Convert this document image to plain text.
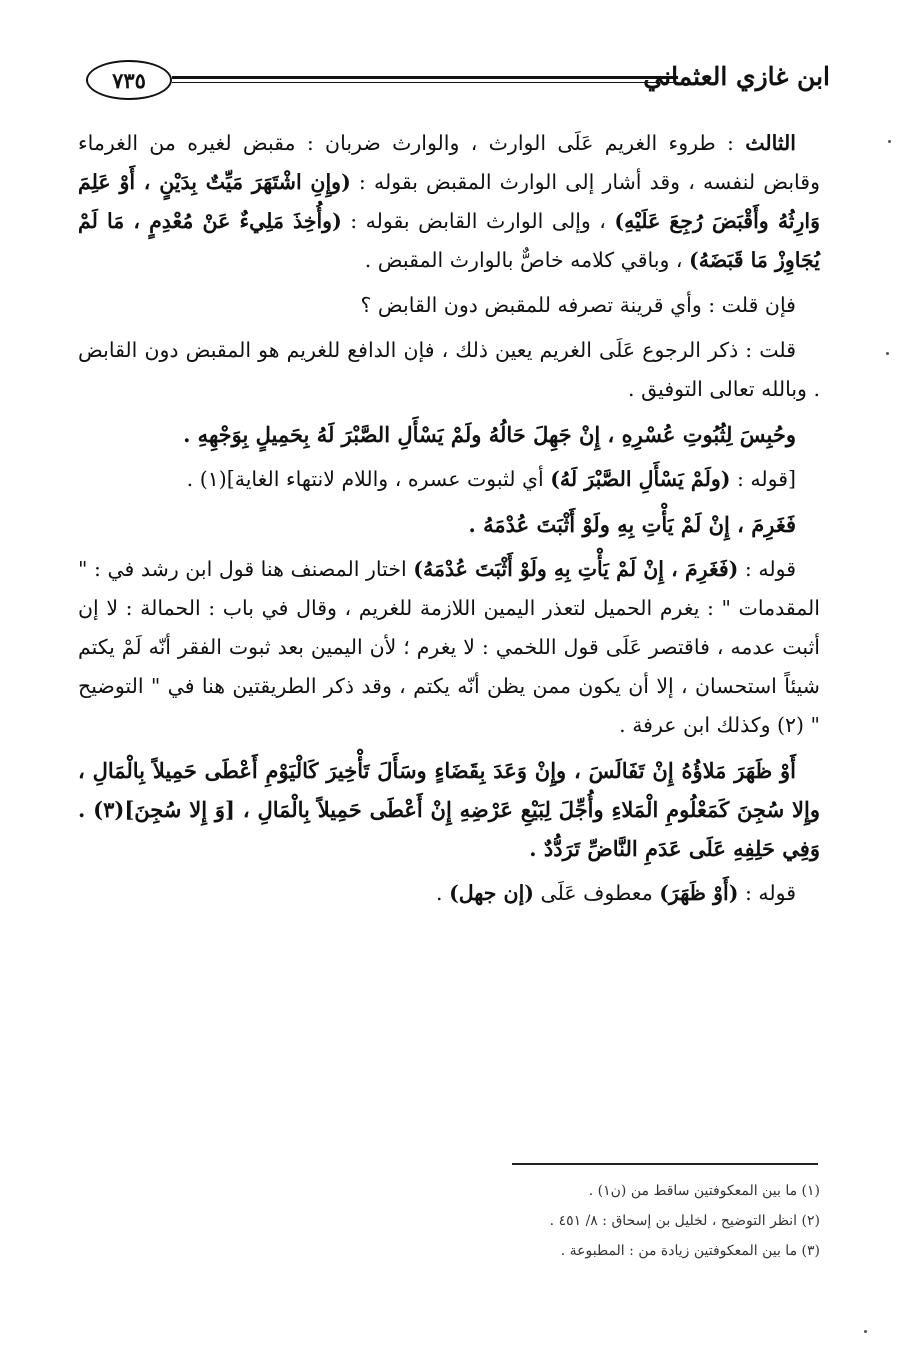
٧٣٥	ابن غازي العثماني

الثالث : طروء الغريم عَلَى الوارث ، والوارث ضربان : مقبض لغيره من الغرماء وقابض لنفسه ، وقد أشار إلى الوارث المقبض بقوله : (وإِنِ اشْتَهَرَ مَيِّتٌ بِدَيْنٍ ، أَوْ عَلِمَ وَارِثُهُ وأَقْبَضَ رُجِعَ عَلَيْهِ) ، وإلى الوارث القابض بقوله : (وأُخِذَ مَلِيءٌ عَنْ مُعْدِمٍ ، مَا لَمْ يُجَاوِزْ مَا قَبَضَهُ) ، وباقي كلامه خاصٌّ بالوارث المقبض .

فإن قلت : وأي قرينة تصرفه للمقبض دون القابض ؟

قلت : ذكر الرجوع عَلَى الغريم يعين ذلك ، فإن الدافع للغريم هو المقبض دون القابض . وبالله تعالى التوفيق .

وحُبِسَ لِثُبُوتِ عُسْرِهِ ، إِنْ جَهِلَ حَالُهُ ولَمْ يَسْأَلِ الصَّبْرَ لَهُ بِحَمِيلٍ بِوَجْهِهِ .

[قوله : (ولَمْ يَسْأَلِ الصَّبْرَ لَهُ) أي لثبوت عسره ، واللام لانتهاء الغاية](١) .

فَغَرِمَ ، إِنْ لَمْ يَأْتِ بِهِ ولَوْ أَثْبَتَ عُدْمَهُ .

قوله : (فَغَرِمَ ، إِنْ لَمْ يَأْتِ بِهِ ولَوْ أَثْبَتَ عُدْمَهُ) اختار المصنف هنا قول ابن رشد في : " المقدمات " : يغرم الحميل لتعذر اليمين اللازمة للغريم ، وقال في باب : الحمالة : لا إن أثبت عدمه ، فاقتصر عَلَى قول اللخمي : لا يغرم ؛ لأن اليمين بعد ثبوت الفقر أنّه لَمْ يكتم شيئاً استحسان ، إلا أن يكون ممن يظن أنّه يكتم ، وقد ذكر الطريقتين هنا في " التوضيح " (٢) وكذلك ابن عرفة .

أَوْ ظَهَرَ مَلاؤُهُ إِنْ تَفَالَسَ ، وإِنْ وَعَدَ بِقَضَاءٍ وسَأَلَ تَأْخِيرَ كَالْيَوْمِ أَعْطَى حَمِيلاً بِالْمَالِ ، وإِلا سُجِنَ كَمَعْلُومِ الْمَلاءِ وأُجِّلَ لِبَيْعِ عَرْضِهِ إِنْ أَعْطَى حَمِيلاً بِالْمَالِ ، [وَ إِلا سُجِنَ](٣) . وَفِي حَلِفِهِ عَلَى عَدَمِ النَّاضِّ تَرَدُّدٌ .

قوله : (أَوْ ظَهَرَ) معطوف عَلَى (إن جهل) .

(١) ما بين المعكوفتين ساقط من (ن١) .

(٢) انظر التوضيح ، لخليل بن إسحاق : ٨/ ٤٥١ .

(٣) ما بين المعكوفتين زيادة من : المطبوعة .
